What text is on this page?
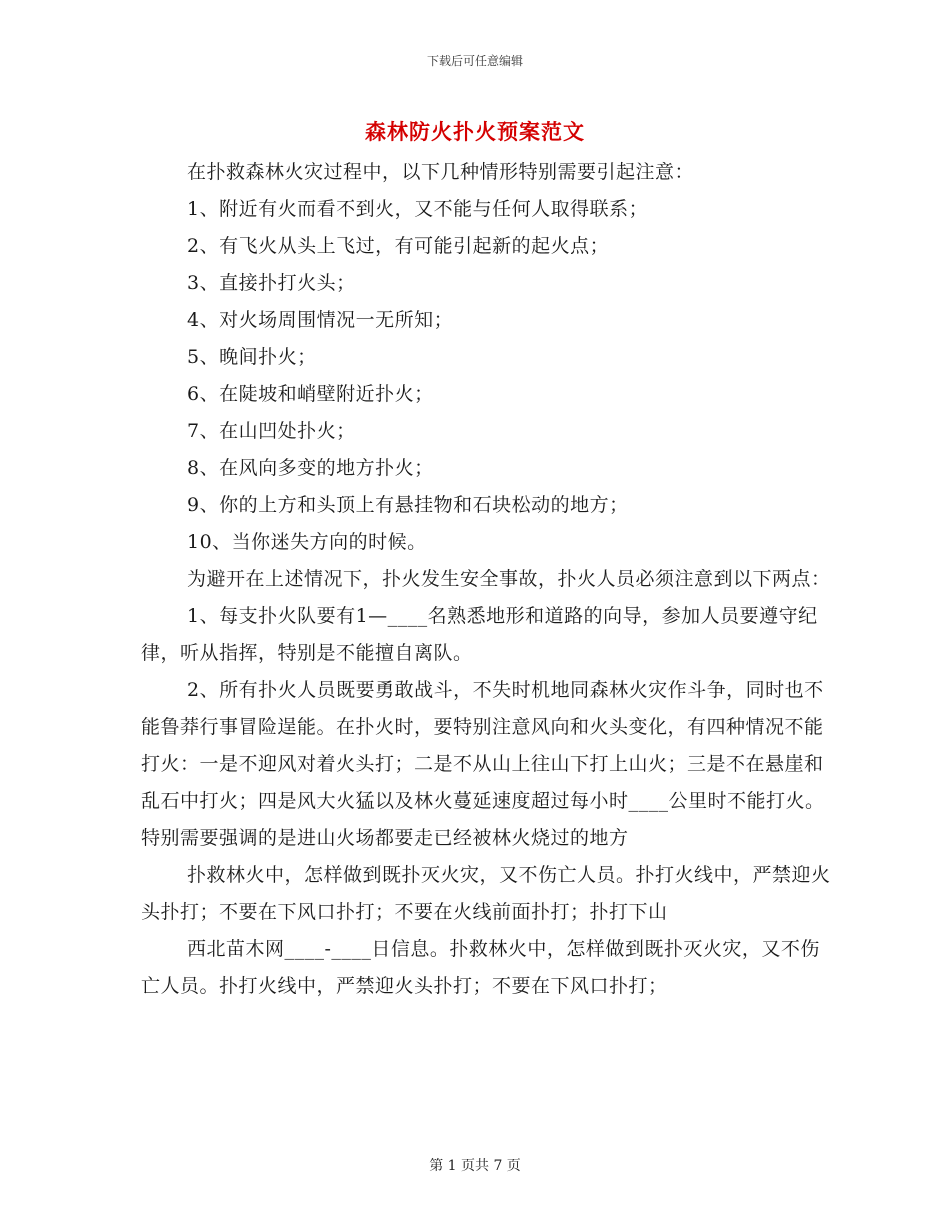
下载后可任意编辑
森林防火扑火预案范文

在扑救森林火灾过程中，以下几种情形特别需要引起注意：

1、附近有火而看不到火，又不能与任何人取得联系；

2、有飞火从头上飞过，有可能引起新的起火点；

3、直接扑打火头；

4、对火场周围情况一无所知；

5、晚间扑火；

6、在陡坡和峭壁附近扑火；

7、在山凹处扑火；

8、在风向多变的地方扑火；

9、你的上方和头顶上有悬挂物和石块松动的地方；

10、当你迷失方向的时候。

为避开在上述情况下，扑火发生安全事故，扑火人员必须注意到以下两点：

1、每支扑火队要有1—____名熟悉地形和道路的向导，参加人员要遵守纪律，听从指挥，特别是不能擅自离队。

2、所有扑火人员既要勇敢战斗，不失时机地同森林火灾作斗争，同时也不能鲁莽行事冒险逞能。在扑火时，要特别注意风向和火头变化，有四种情况不能打火：一是不迎风对着火头打；二是不从山上往山下打上山火；三是不在悬崖和乱石中打火；四是风大火猛以及林火蔓延速度超过每小时____公里时不能打火。特别需要强调的是进山火场都要走已经被林火烧过的地方

扑救林火中，怎样做到既扑灭火灾，又不伤亡人员。扑打火线中，严禁迎火头扑打；不要在下风口扑打；不要在火线前面扑打；扑打下山

西北苗木网____-____日信息。扑救林火中，怎样做到既扑灭火灾，又不伤亡人员。扑打火线中，严禁迎火头扑打；不要在下风口扑打；

第 1 页共 7 页
